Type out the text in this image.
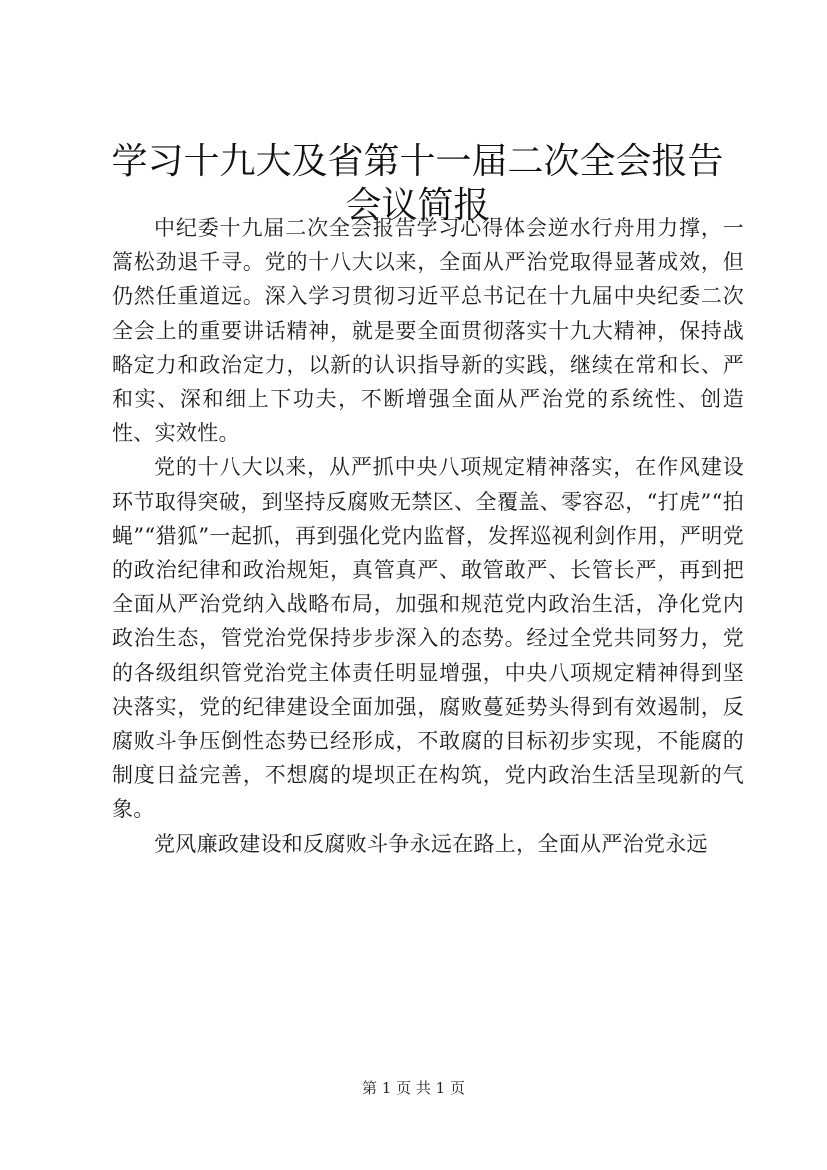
学习十九大及省第十一届二次全会报告会议简报

中纪委十九届二次全会报告学习心得体会逆水行舟用力撑，一篙松劲退千寻。党的十八大以来，全面从严治党取得显著成效，但仍然任重道远。深入学习贯彻习近平总书记在十九届中央纪委二次全会上的重要讲话精神，就是要全面贯彻落实十九大精神，保持战略定力和政治定力，以新的认识指导新的实践，继续在常和长、严和实、深和细上下功夫，不断增强全面从严治党的系统性、创造性、实效性。

党的十八大以来，从严抓中央八项规定精神落实，在作风建设环节取得突破，到坚持反腐败无禁区、全覆盖、零容忍，“打虎”“拍蝇”“猎狐”一起抓，再到强化党内监督，发挥巡视利剑作用，严明党的政治纪律和政治规矩，真管真严、敢管敢严、长管长严，再到把全面从严治党纳入战略布局，加强和规范党内政治生活，净化党内政治生态，管党治党保持步步深入的态势。经过全党共同努力，党的各级组织管党治党主体责任明显增强，中央八项规定精神得到坚决落实，党的纪律建设全面加强，腐败蔓延势头得到有效遏制，反腐败斗争压倒性态势已经形成，不敢腐的目标初步实现，不能腐的制度日益完善，不想腐的堤坝正在构筑，党内政治生活呈现新的气象。

党风廉政建设和反腐败斗争永远在路上，全面从严治党永远

第 1 页 共 1 页
